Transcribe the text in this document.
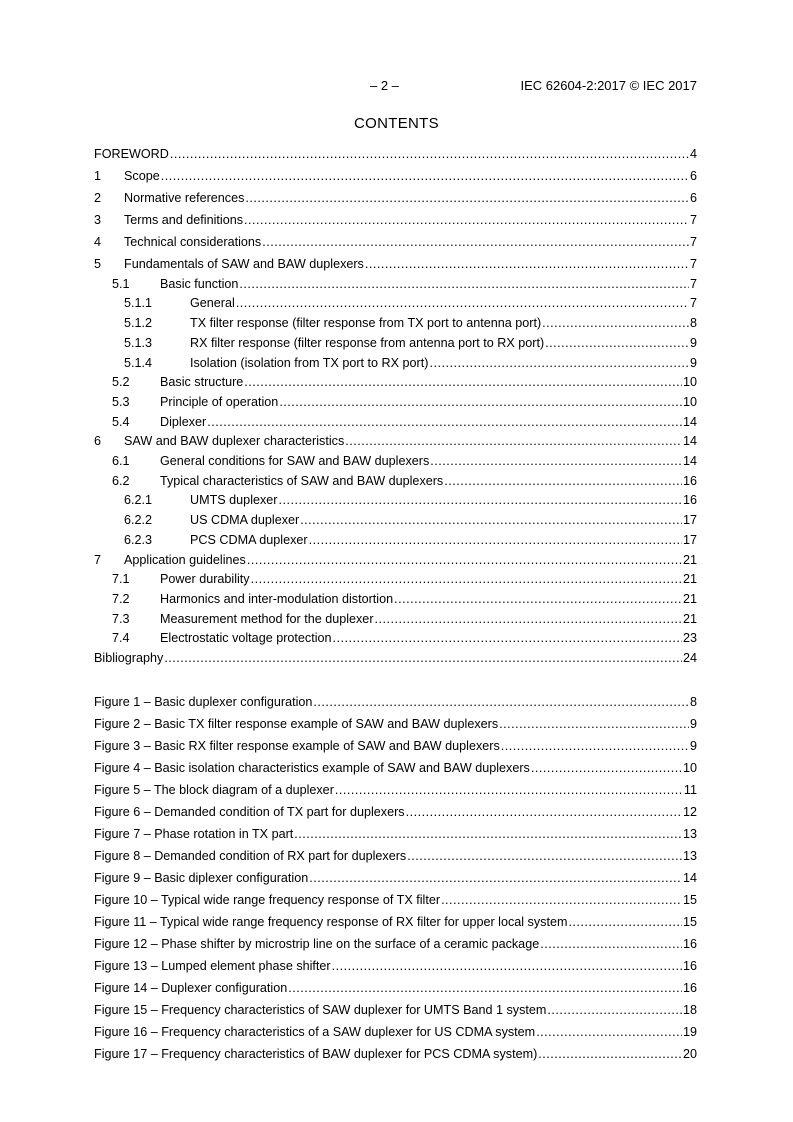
– 2 –	IEC 62604-2:2017 © IEC 2017
CONTENTS
FOREWORD .....	4
1	Scope .....	6
2	Normative references .....	6
3	Terms and definitions .....	7
4	Technical considerations .....	7
5	Fundamentals of SAW and BAW duplexers .....	7
5.1	Basic function .....	7
5.1.1	General .....	7
5.1.2	TX filter response (filter response from TX port to antenna port) .....	8
5.1.3	RX filter response (filter response from antenna port to RX port) .....	9
5.1.4	Isolation (isolation from TX port to RX port) .....	9
5.2	Basic structure .....	10
5.3	Principle of operation .....	10
5.4	Diplexer .....	14
6	SAW and BAW duplexer characteristics .....	14
6.1	General conditions for SAW and BAW duplexers .....	14
6.2	Typical characteristics of SAW and BAW duplexers .....	16
6.2.1	UMTS duplexer .....	16
6.2.2	US CDMA duplexer .....	17
6.2.3	PCS CDMA duplexer .....	17
7	Application guidelines .....	21
7.1	Power durability .....	21
7.2	Harmonics and inter-modulation distortion .....	21
7.3	Measurement method for the duplexer .....	21
7.4	Electrostatic voltage protection .....	23
Bibliography .....	24
Figure 1 – Basic duplexer configuration .....	8
Figure 2 – Basic TX filter response example of SAW and BAW duplexers .....	9
Figure 3 – Basic RX filter response example of SAW and BAW duplexers .....	9
Figure 4 – Basic isolation characteristics example of SAW and BAW duplexers .....	10
Figure 5 – The block diagram of a duplexer .....	11
Figure 6 – Demanded condition of TX part for duplexers .....	12
Figure 7 – Phase rotation in TX part .....	13
Figure 8 – Demanded condition of RX part for duplexers .....	13
Figure 9 – Basic diplexer configuration .....	14
Figure 10 – Typical wide range frequency response of TX filter .....	15
Figure 11 – Typical wide range frequency response of RX filter for upper local system .....	15
Figure 12 – Phase shifter by microstrip line on the surface of a ceramic package .....	16
Figure 13 – Lumped element phase shifter .....	16
Figure 14 – Duplexer configuration .....	16
Figure 15 – Frequency characteristics of SAW duplexer for UMTS Band 1 system .....	18
Figure 16 – Frequency characteristics of a SAW duplexer for US CDMA system .....	19
Figure 17 – Frequency characteristics of BAW duplexer for PCS CDMA system) .....	20
